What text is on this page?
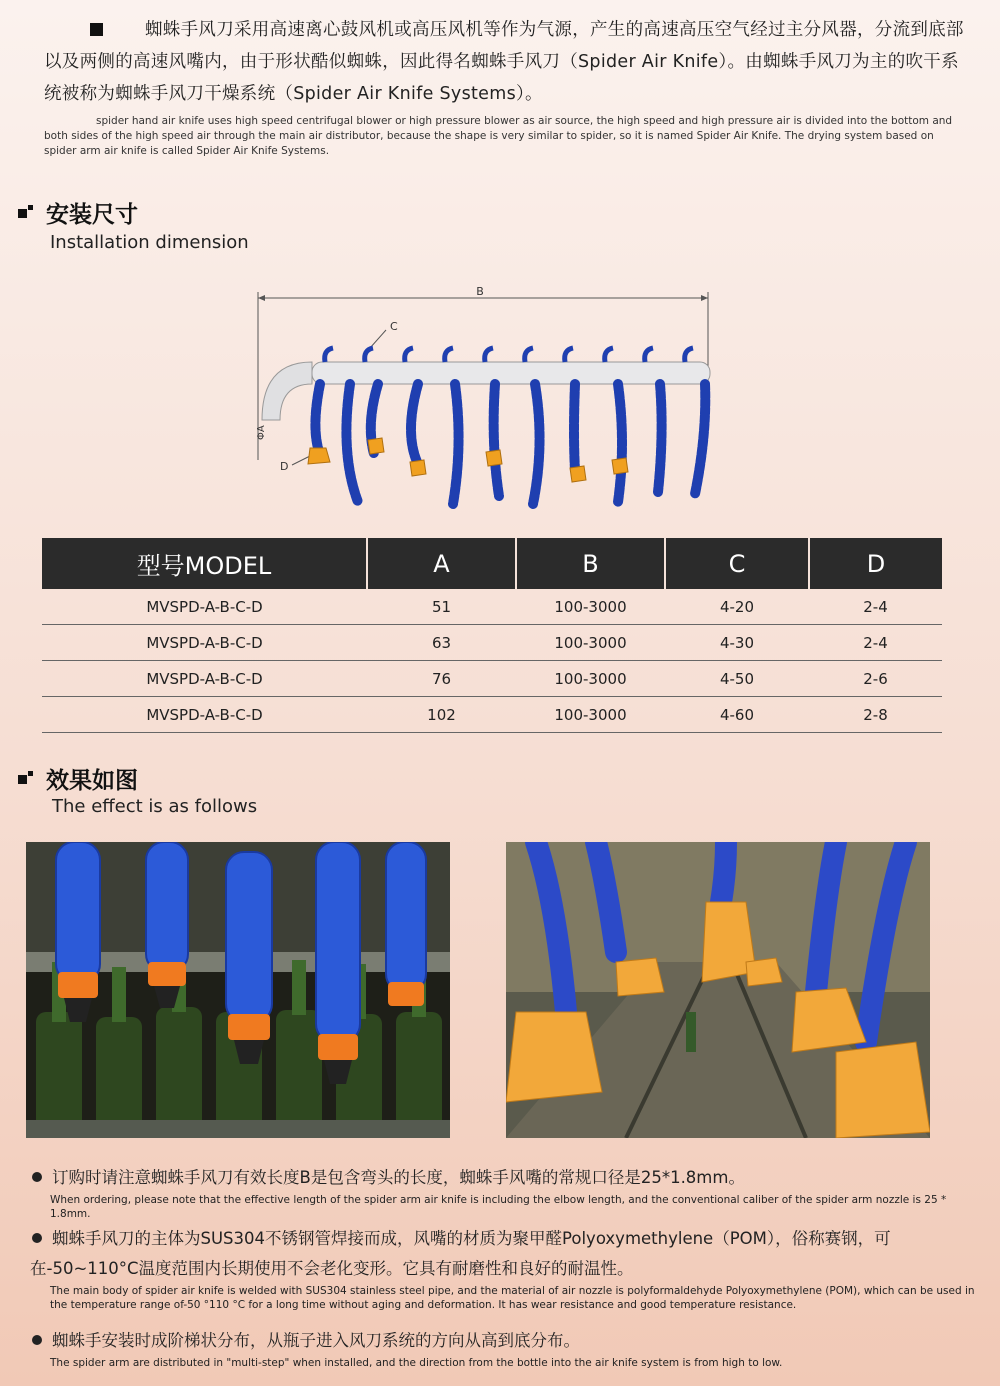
蜘蛛手风刀采用高速离心鼓风机或高压风机等作为气源，产生的高速高压空气经过主分风器，分流到底部以及两侧的高速风嘴内，由于形状酷似蜘蛛，因此得名蜘蛛手风刀（Spider Air Knife）。由蜘蛛手风刀为主的吹干系统被称为蜘蛛手风刀干燥系统（Spider Air Knife Systems）。
spider hand air knife uses high speed centrifugal blower or high pressure blower as air source, the high speed and high pressure air is divided into the bottom and both sides of the high speed air through the main air distributor, because the shape is very similar to spider, so it is named Spider Air Knife. The drying system based on spider arm air knife is called Spider Air Knife Systems.
安装尺寸
Installation dimension
B
ΦA
C
D
型号MODEL	A	B	C	D
MVSPD-A-B-C-D	51	100-3000	4-20	2-4
MVSPD-A-B-C-D	63	100-3000	4-30	2-4
MVSPD-A-B-C-D	76	100-3000	4-50	2-6
MVSPD-A-B-C-D	102	100-3000	4-60	2-8
效果如图
The effect is as follows
订购时请注意蜘蛛手风刀有效长度B是包含弯头的长度，蜘蛛手风嘴的常规口径是25*1.8mm。
When ordering, please note that the effective length of the spider arm air knife is including the elbow length, and the conventional caliber of the spider arm nozzle is 25 * 1.8mm.
蜘蛛手风刀的主体为SUS304不锈钢管焊接而成，风嘴的材质为聚甲醛Polyoxymethylene（POM），俗称赛钢，可在-50~110°C温度范围内长期使用不会老化变形。它具有耐磨性和良好的耐温性。
The main body of spider air knife is welded with SUS304 stainless steel pipe, and the material of air nozzle is polyformaldehyde Polyoxymethylene (POM), which can be used in the temperature range of-50 °110 °C for a long time without aging and deformation. It has wear resistance and good temperature resistance.
蜘蛛手安装时成阶梯状分布，从瓶子进入风刀系统的方向从高到底分布。
The spider arm are distributed in "multi-step" when installed, and the direction from the bottle into the air knife system is from high to low.
